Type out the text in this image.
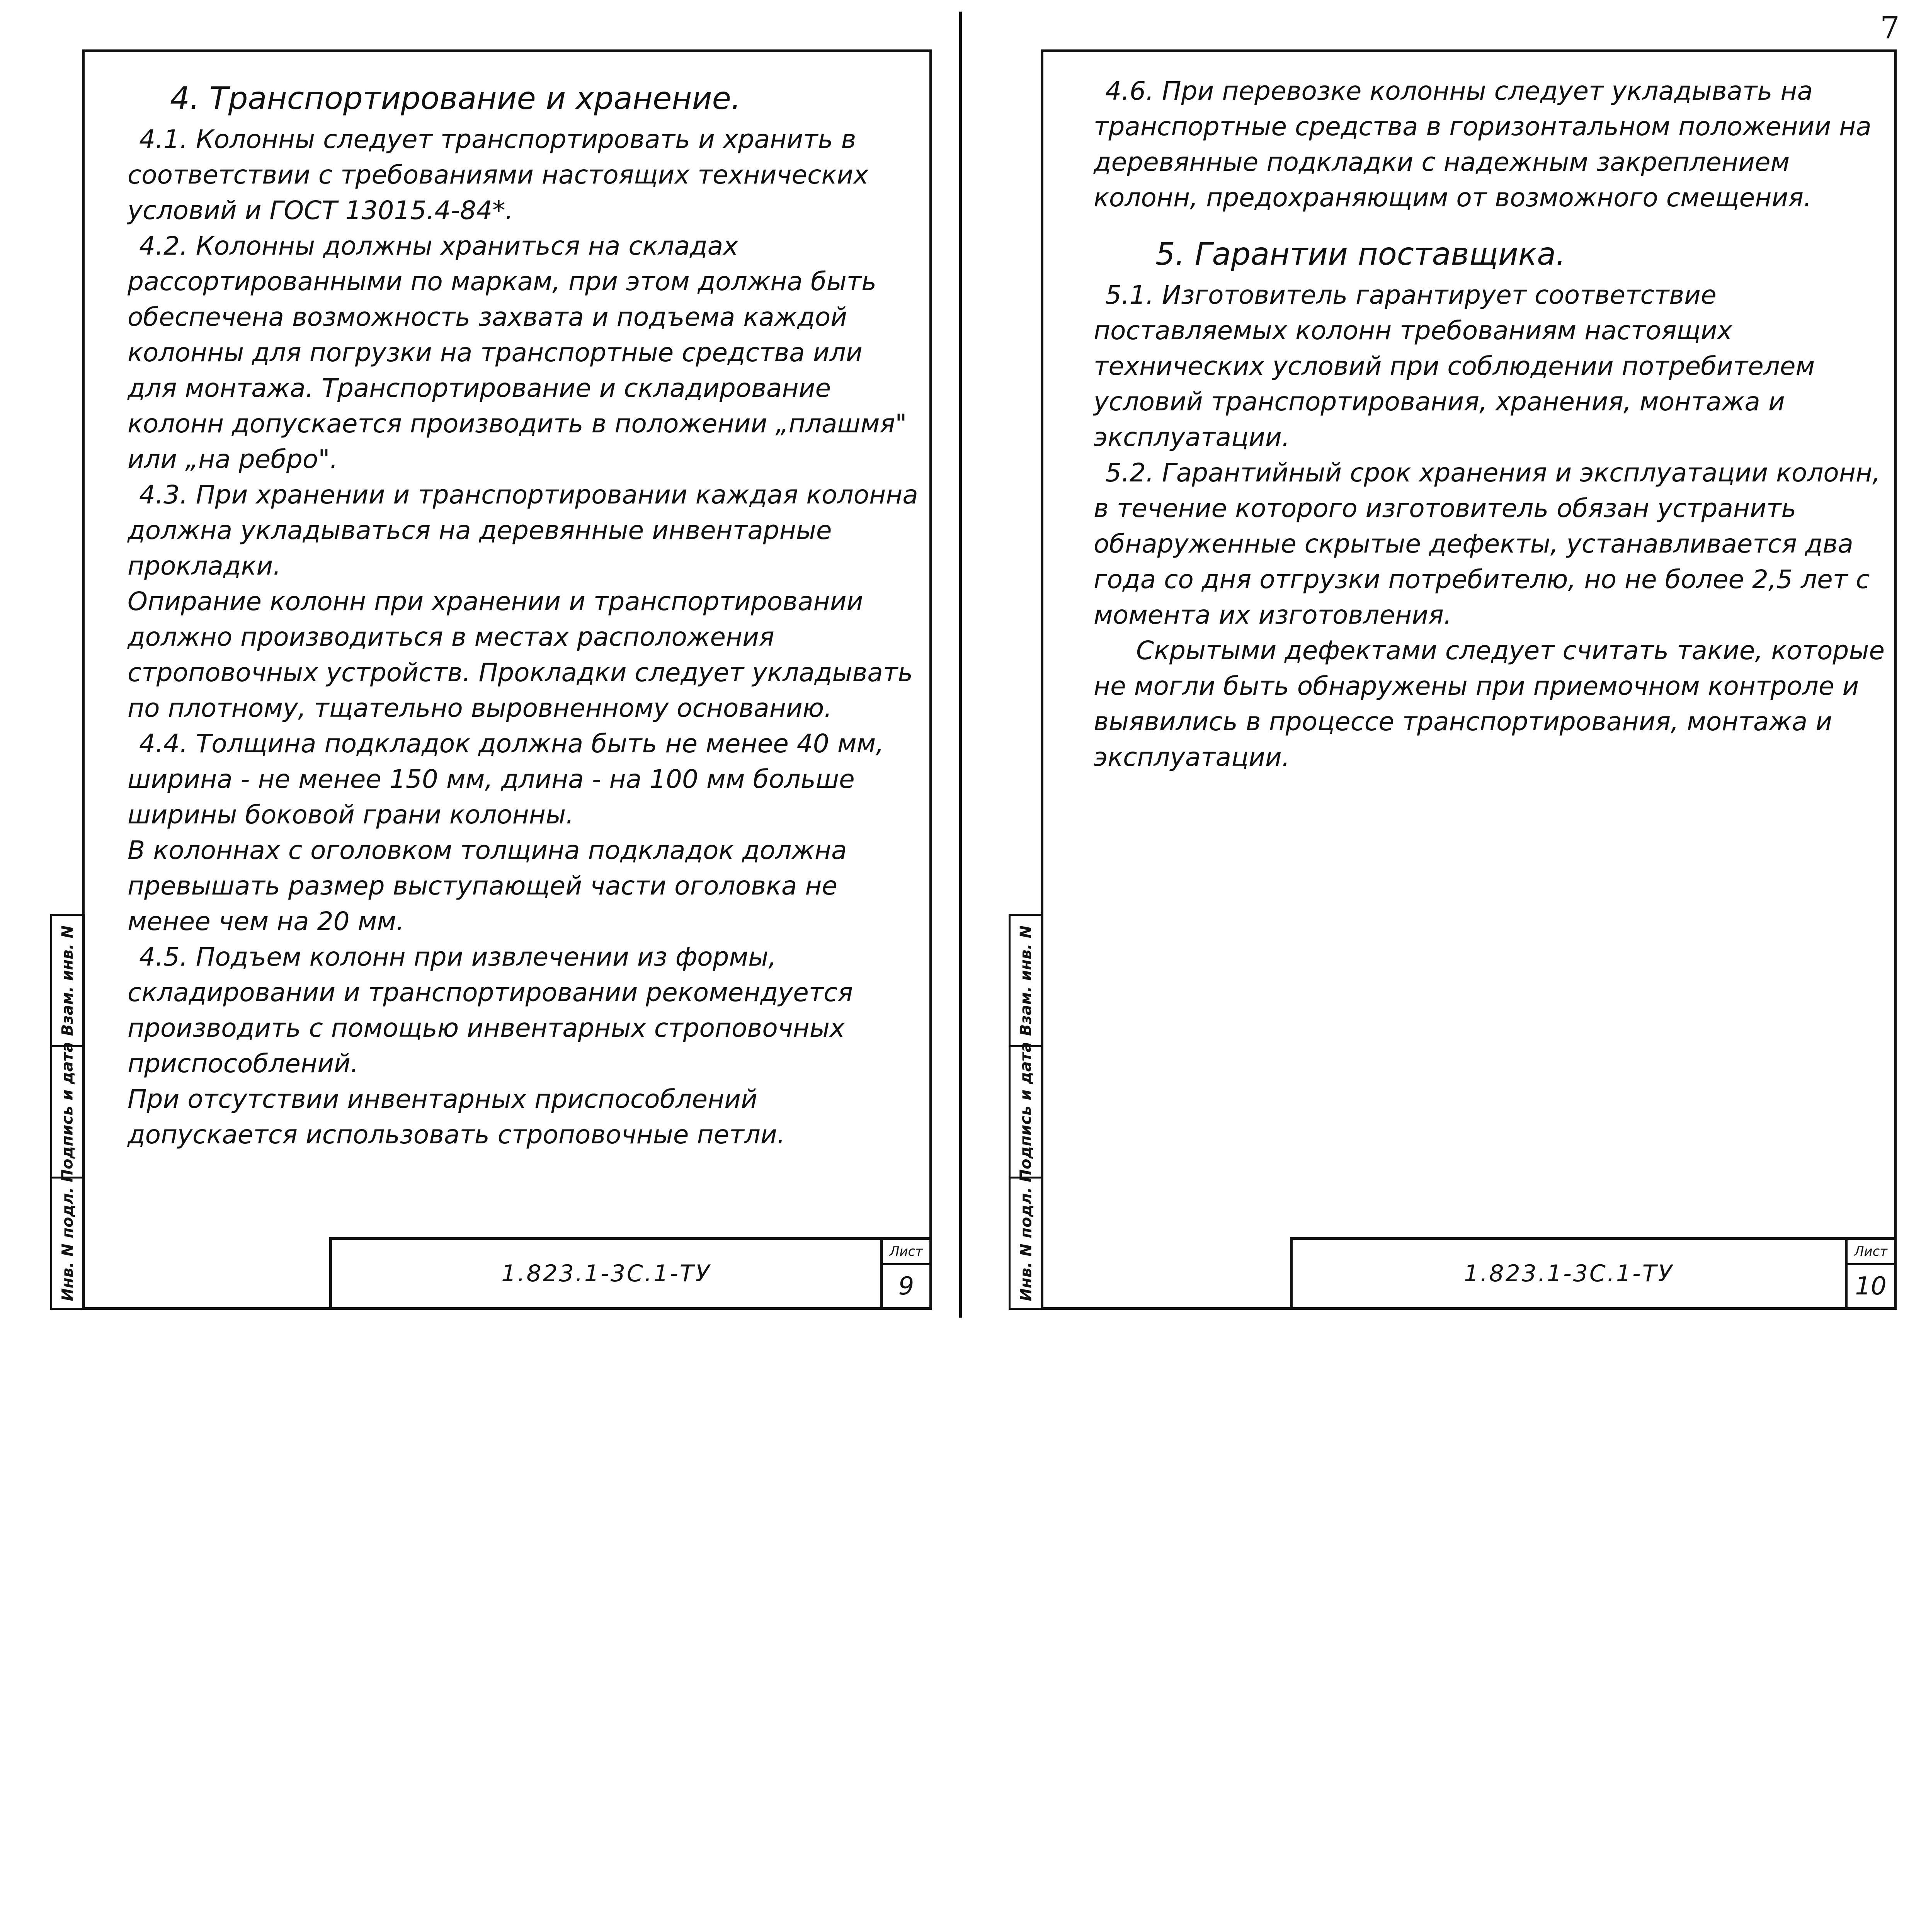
7
1.823.1-3С.1-ТУ
Лист
9
Взам. инв. N
Подпись и дата
Инв. N подл.
4. Транспортирование и хранение.

4.1. Колонны следует транспортировать и хранить в соответствии с требованиями настоящих технических условий и ГОСТ 13015.4-84*.

4.2. Колонны должны храниться на складах рассортированными по маркам, при этом должна быть обеспечена возможность захвата и подъема каждой колонны для погрузки на транспортные средства или для монтажа. Транспортирование и складирование колонн допускается производить в положении „плашмя" или „на ребро".

4.3. При хранении и транспортировании каждая колонна должна укладываться на деревянные инвентарные прокладки.

Опирание колонн при хранении и транспортировании должно производиться в местах расположения строповочных устройств. Прокладки следует укладывать по плотному, тщательно выровненному основанию.

4.4. Толщина подкладок должна быть не менее 40 мм, ширина - не менее 150 мм, длина - на 100 мм больше ширины боковой грани колонны.

В колоннах с оголовком толщина подкладок должна превышать размер выступающей части оголовка не менее чем на 20 мм.

4.5. Подъем колонн при извлечении из формы, складировании и транспортировании рекомендуется производить с помощью инвентарных строповочных приспособлений.

При отсутствии инвентарных приспособлений допускается использовать строповочные петли.

1.823.1-3С.1-ТУ
Лист
10
Взам. инв. N
Подпись и дата
Инв. N подл.

4.6. При перевозке колонны следует укладывать на транспортные средства в горизонтальном положении на деревянные подкладки с надежным закреплением колонн, предохраняющим от возможного смещения.

5. Гарантии поставщика.

5.1. Изготовитель гарантирует соответствие поставляемых колонн требованиям настоящих технических условий при соблюдении потребителем условий транспортирования, хранения, монтажа и эксплуатации.

5.2. Гарантийный срок хранения и эксплуатации колонн, в течение которого изготовитель обязан устранить обнаруженные скрытые дефекты, устанавливается два года со дня отгрузки потребителю, но не более 2,5 лет с момента их изготовления.

Скрытыми дефектами следует считать такие, которые не могли быть обнаружены при приемочном контроле и выявились в процессе транспортирования, монтажа и эксплуатации.
